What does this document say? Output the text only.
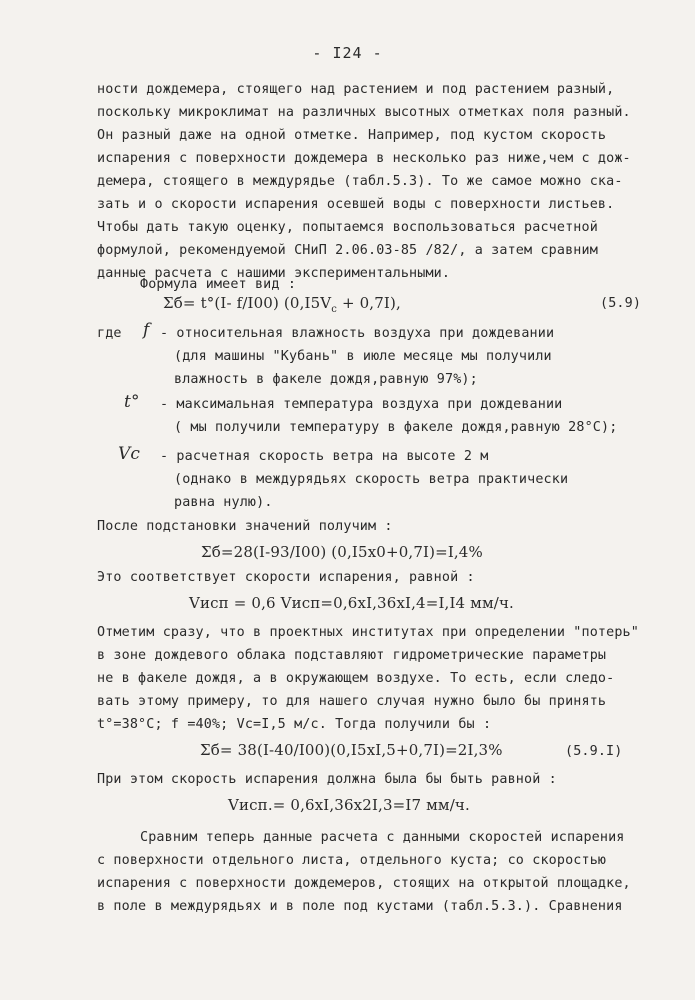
- I24 -
ности дождемера, стоящего над растением и под растением разный,
поскольку микроклимат на различных высотных отметках поля разный.
Он разный даже на одной отметке. Например, под кустом скорость
испарения с поверхности дождемера в несколько раз ниже,чем с дож-
демера, стоящего в междурядье (табл.5.3). То же самое можно ска-
зать и о скорости испарения осевшей воды с поверхности листьев.
Чтобы дать такую оценку, попытаемся воспользоваться расчетной
формулой, рекомендуемой СНиП 2.06.03-85 /82/, а затем сравним
данные расчета с нашими экспериментальными.
Формула имеет вид :
Σб= t°(I- f/I00) $(0,I5V_c + 0,7I)$,	(5.9)
где f - относительная влажность воздуха при дождевании
(для машины "Кубань" в июле месяце мы получили
влажность в факеле дождя,равную 97%);
t° - максимальная температура воздуха при дождевании
( мы получили температуру в факеле дождя,равную 28°С);
Vc - расчетная скорость ветра на высоте 2 м
(однако в междурядьях скорость ветра практически
равна нулю).
После подстановки значений получим :
Σб=28(I-93/I00) (0,I5x0+0,7I)=I,4%
Это соответствует скорости испарения, равной :
Vисп = 0,6 Vисп=0,6xI,36xI,4=I,I4 мм/ч.
Отметим сразу, что в проектных институтах при определении "потерь"
в зоне дождевого облака подставляют гидрометрические параметры
не в факеле дождя, а в окружающем воздухе. То есть, если следо-
вать этому примеру, то для нашего случая нужно было бы принять
t°=38°С; f =40%; Vc=I,5 м/с. Тогда получили бы :
Σб= 38(I-40/I00)(0,I5xI,5+0,7I)=2I,3%	(5.9.I)
При этом скорость испарения должна была бы быть равной :
Vисп.= 0,6xI,36x2I,3=I7 мм/ч.
Сравним теперь данные расчета с данными скоростей испарения
с поверхности отдельного листа, отдельного куста; со скоростью
испарения с поверхности дождемеров, стоящих на открытой площадке,
в поле в междурядьях и в поле под кустами (табл.5.3.). Сравнения
